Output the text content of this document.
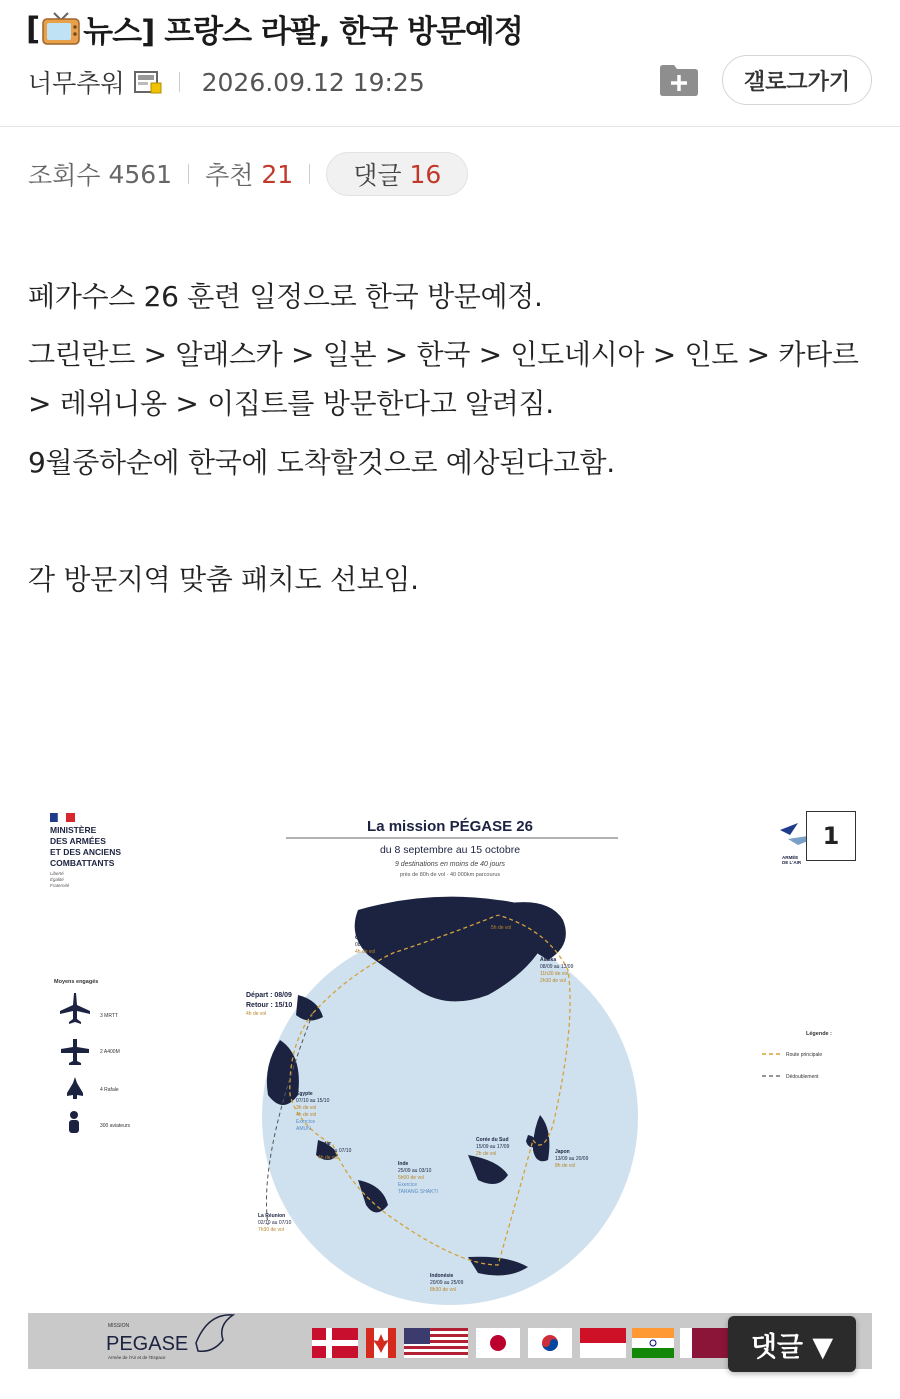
[ 뉴스] 프랑스 라팔, 한국 방문예정
너무추워	2026.09.12 19:25	갤로그가기
조회수 4561 추천 21 댓글 16
페가수스 26 훈련 일정으로 한국 방문예정.
그린란드 > 알래스카 > 일본 > 한국 > 인도네시아 > 인도 > 카타르
> 레위니옹 > 이집트를 방문한다고 알려짐.
9월중하순에 한국에 도착할것으로 예상된다고함.
각 방문지역 맞춤 패치도 선보임.
MINISTÈRE
DES ARMÉES
ET DES ANCIENS
COMBATTANTS
Liberté
Égalité
Fraternité
La mission PÉGASE 26
du 8 septembre au 15 octobre
9 destinations en moins de 40 jours
près de 80h de vol · 40 000km parcourus
ARMÉE
DE L'AIR
Moyens engagés
3 MRTT
2 A400M
4 Rafale
300 aviateurs
Légende :
Route principale
Dédoublement
Canada
09/09
5h de vol
Groenland
08/09
4h de vol
Alaska
08/09 au 13/09
11h30 de vol
2h30 de vol
Départ : 08/09
Retour : 15/10
4h de vol
Égypte
07/10 au 15/10
3h de vol
4h de vol
Exercice
AMUN
Qatar
03/10 au 07/10
4h de vol
Corée du Sud
15/09 au 17/09
2h de vol	Japon
13/09 au 20/09
8h de vol
Inde
25/09 au 03/10
5h00 de vol
Exercice
TARANG SHAKTI
La Réunion
02/10 au 07/10
7h30 de vol
Indonésie
20/09 au 25/09
8h30 de vol
MISSION
PEGASE
Armée de l'Air et de l'Espace
1
댓글 ▼
